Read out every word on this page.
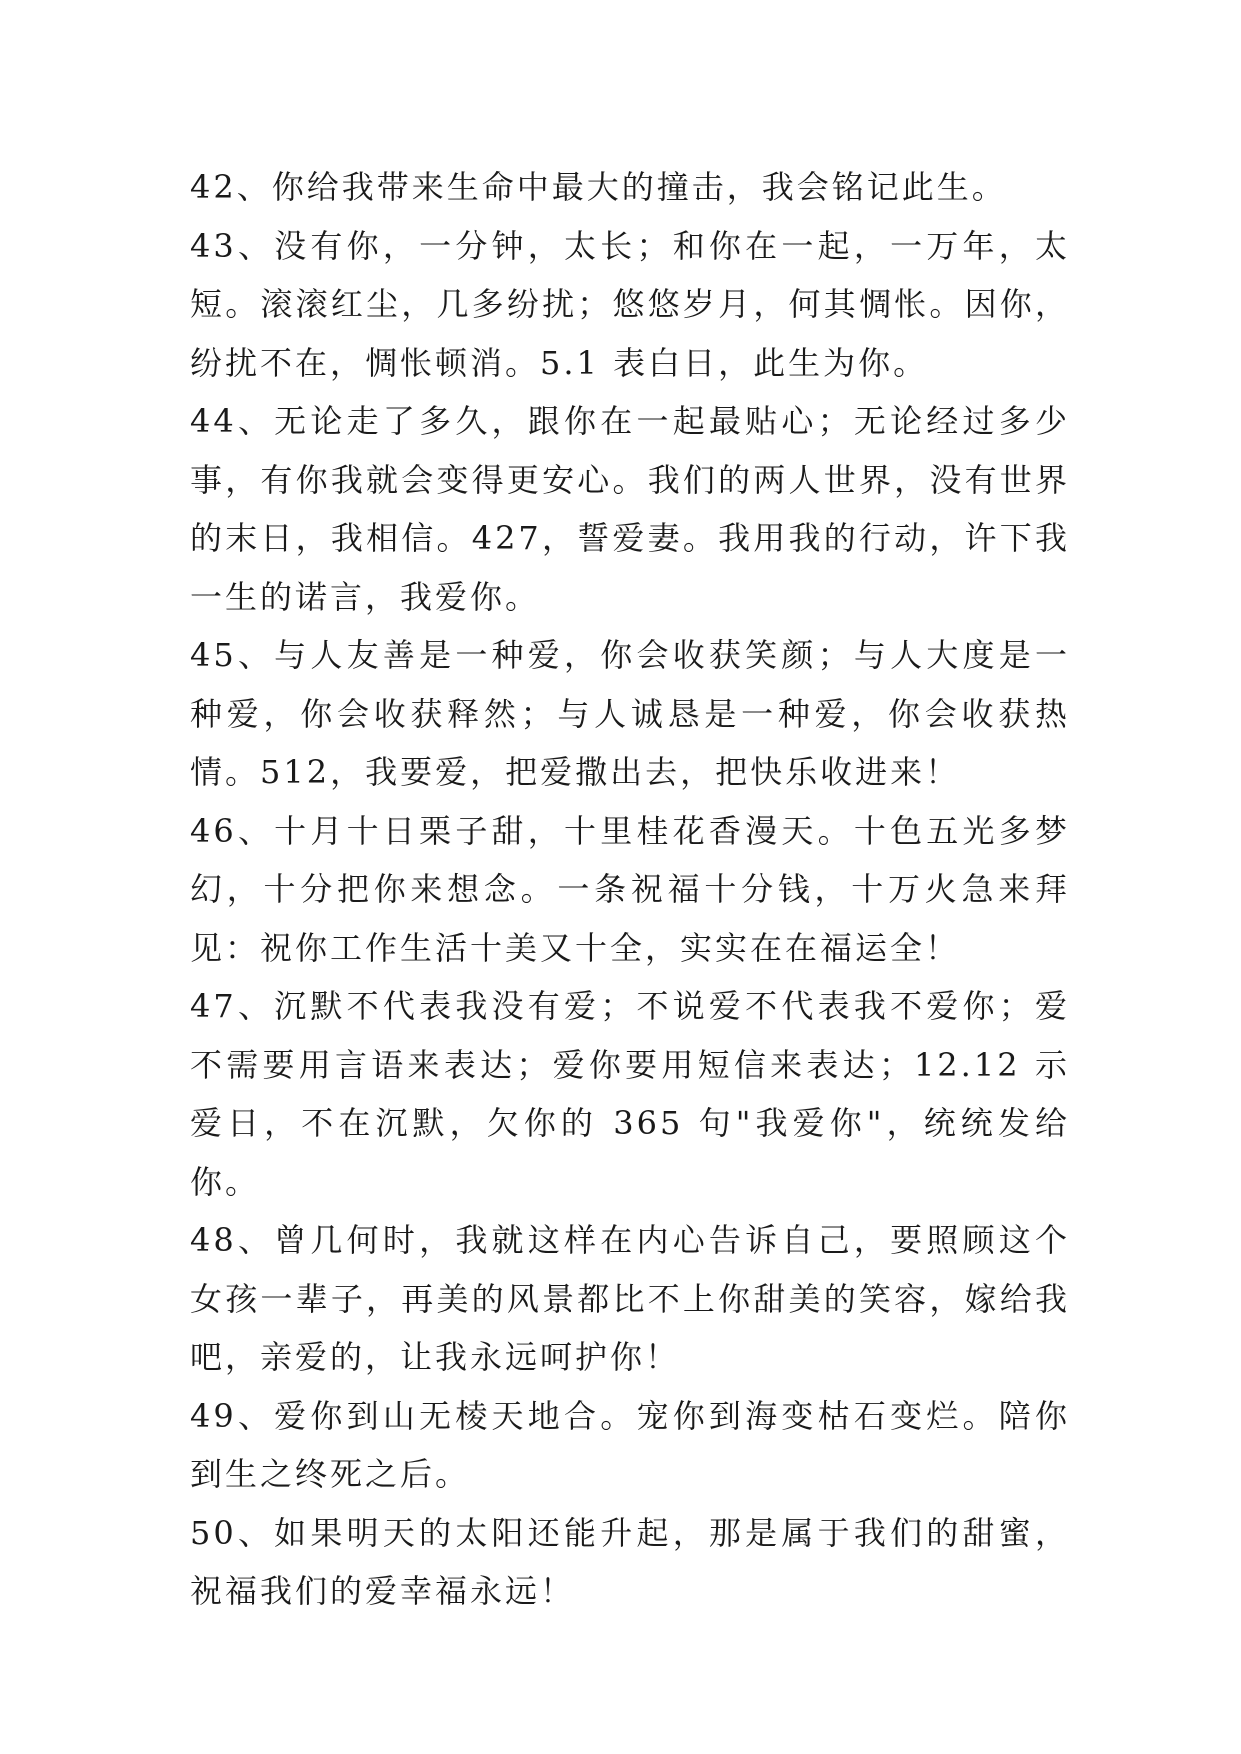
42、你给我带来生命中最大的撞击，我会铭记此生。

43、没有你，一分钟，太长；和你在一起，一万年，太短。滚滚红尘，几多纷扰；悠悠岁月，何其惆怅。因你，纷扰不在，惆怅顿消。5.1 表白日，此生为你。

44、无论走了多久，跟你在一起最贴心；无论经过多少事，有你我就会变得更安心。我们的两人世界，没有世界的末日，我相信。427，誓爱妻。我用我的行动，许下我一生的诺言，我爱你。

45、与人友善是一种爱，你会收获笑颜；与人大度是一种爱，你会收获释然；与人诚恳是一种爱，你会收获热情。512，我要爱，把爱撒出去，把快乐收进来！

46、十月十日栗子甜，十里桂花香漫天。十色五光多梦幻，十分把你来想念。一条祝福十分钱，十万火急来拜见：祝你工作生活十美又十全，实实在在福运全！

47、沉默不代表我没有爱；不说爱不代表我不爱你；爱不需要用言语来表达；爱你要用短信来表达；12.12 示爱日，不在沉默，欠你的 365 句"我爱你"，统统发给你。

48、曾几何时，我就这样在内心告诉自己，要照顾这个女孩一辈子，再美的风景都比不上你甜美的笑容，嫁给我吧，亲爱的，让我永远呵护你！

49、爱你到山无棱天地合。宠你到海变枯石变烂。陪你到生之终死之后。

50、如果明天的太阳还能升起，那是属于我们的甜蜜，祝福我们的爱幸福永远！
